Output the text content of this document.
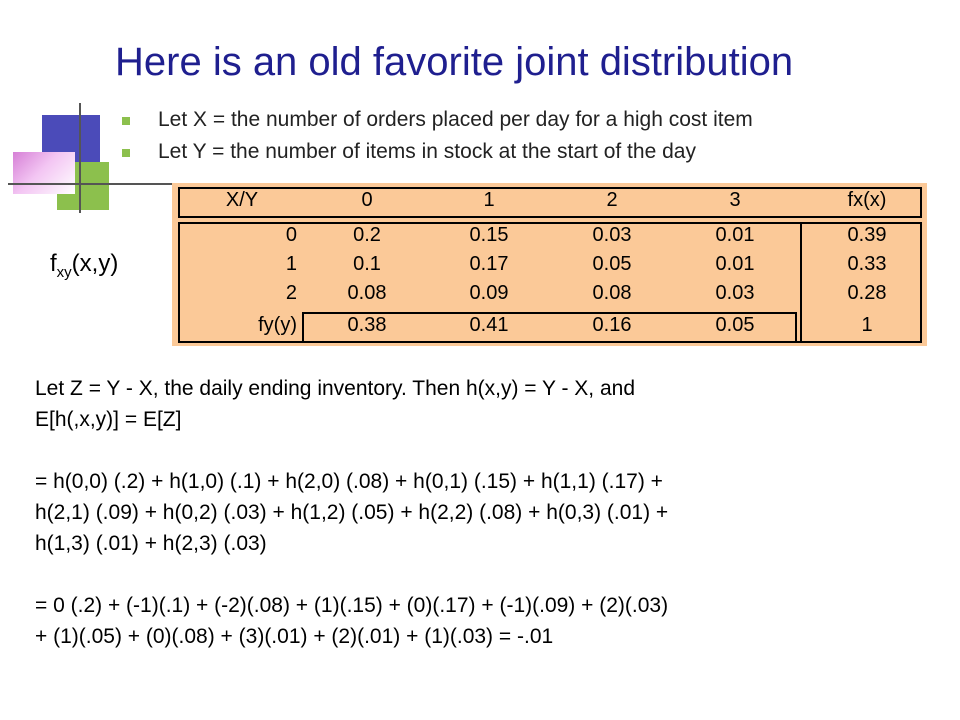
Here is an old favorite joint distribution
Let X = the number of orders placed per day for a high cost item
Let Y = the number of items in stock at the start of the day
$f_{xy}(x,y)$
X/Y	0	1	2	3	fx(x)
0	0.2	0.15	0.03	0.01	0.39
1	0.1	0.17	0.05	0.01	0.33
2	0.08	0.09	0.08	0.03	0.28
fy(y)	0.38	0.41	0.16	0.05	1
Let Z = Y - X, the daily ending inventory. Then h(x,y) = Y - X, and
E[h(,x,y)] = E[Z]
= h(0,0) (.2) + h(1,0) (.1) + h(2,0) (.08) + h(0,1) (.15) + h(1,1) (.17) +
h(2,1) (.09) + h(0,2) (.03) + h(1,2) (.05) + h(2,2) (.08) + h(0,3) (.01) +
h(1,3) (.01) + h(2,3) (.03)
= 0 (.2) + (-1)(.1) + (-2)(.08) + (1)(.15) + (0)(.17) + (-1)(.09) + (2)(.03)
+ (1)(.05) + (0)(.08) + (3)(.01) + (2)(.01) + (1)(.03) = -.01
